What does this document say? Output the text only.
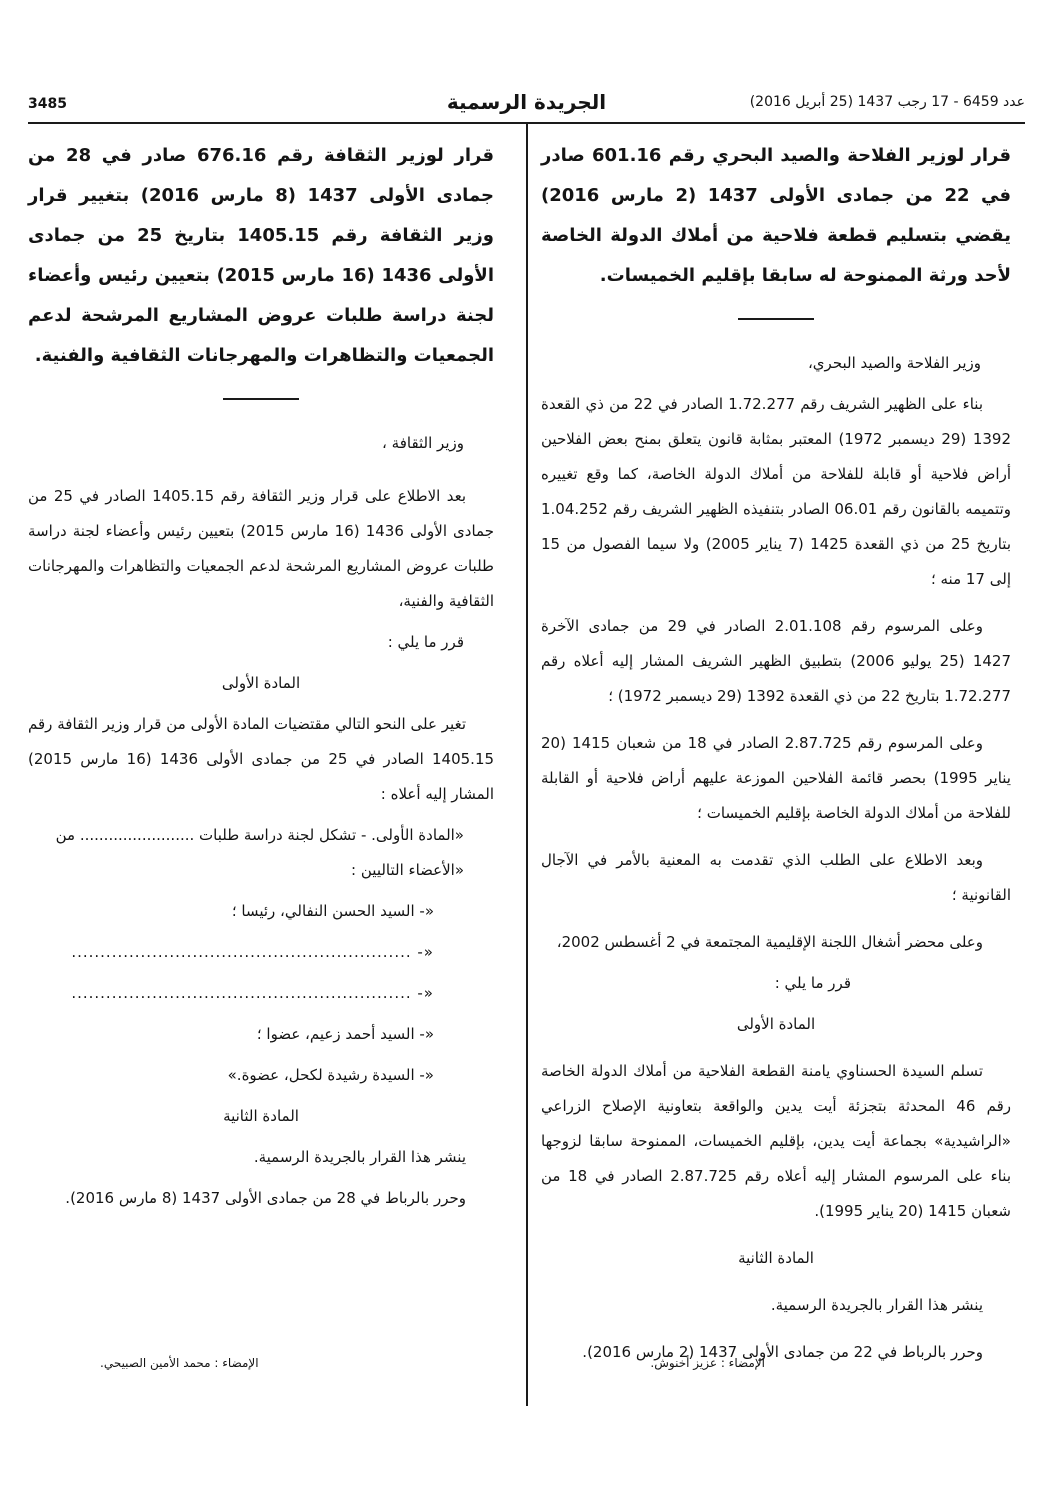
عدد 6459 - 17 رجب 1437 (25 أبريل 2016)
الجريدة الرسمية
3485

قرار لوزير الفلاحة والصيد البحري رقم 601.16 صادر في 22 من جمادى الأولى 1437 (2 مارس 2016) يقضي بتسليم قطعة فلاحية من أملاك الدولة الخاصة لأحد ورثة الممنوحة له سابقا بإقليم الخميسات.

وزير الفلاحة والصيد البحري،

بناء على الظهير الشريف رقم 1.72.277 الصادر في 22 من ذي القعدة 1392 (29 ديسمبر 1972) المعتبر بمثابة قانون يتعلق بمنح بعض الفلاحين أراض فلاحية أو قابلة للفلاحة من أملاك الدولة الخاصة، كما وقع تغييره وتتميمه بالقانون رقم 06.01 الصادر بتنفيذه الظهير الشريف رقم 1.04.252 بتاريخ 25 من ذي القعدة 1425 (7 يناير 2005) ولا سيما الفصول من 15 إلى 17 منه ؛

وعلى المرسوم رقم 2.01.108 الصادر في 29 من جمادى الآخرة 1427 (25 يوليو 2006) بتطبيق الظهير الشريف المشار إليه أعلاه رقم 1.72.277 بتاريخ 22 من ذي القعدة 1392 (29 ديسمبر 1972) ؛

وعلى المرسوم رقم 2.87.725 الصادر في 18 من شعبان 1415 (20 يناير 1995) بحصر قائمة الفلاحين الموزعة عليهم أراض فلاحية أو القابلة للفلاحة من أملاك الدولة الخاصة بإقليم الخميسات ؛

وبعد الاطلاع على الطلب الذي تقدمت به المعنية بالأمر في الآجال القانونية ؛

وعلى محضر أشغال اللجنة الإقليمية المجتمعة في 2 أغسطس 2002،

قرر ما يلي :

المادة الأولى

تسلم السيدة الحسناوي يامنة القطعة الفلاحية من أملاك الدولة الخاصة رقم 46 المحدثة بتجزئة أيت يدين والواقعة بتعاونية الإصلاح الزراعي «الراشيدية» بجماعة أيت يدين، بإقليم الخميسات، الممنوحة سابقا لزوجها بناء على المرسوم المشار إليه أعلاه رقم 2.87.725 الصادر في 18 من شعبان 1415 (20 يناير 1995).

المادة الثانية

ينشر هذا القرار بالجريدة الرسمية.

وحرر بالرباط في 22 من جمادى الأولى 1437 (2 مارس 2016).

الإمضاء : عزيز أخنوش.

قرار لوزير الثقافة رقم 676.16 صادر في 28 من جمادى الأولى 1437 (8 مارس 2016) بتغيير قرار وزير الثقافة رقم 1405.15 بتاريخ 25 من جمادى الأولى 1436 (16 مارس 2015) بتعيين رئيس وأعضاء لجنة دراسة طلبات عروض المشاريع المرشحة لدعم الجمعيات والتظاهرات والمهرجانات الثقافية والفنية.

وزير الثقافة ،

بعد الاطلاع على قرار وزير الثقافة رقم 1405.15 الصادر في 25 من جمادى الأولى 1436 (16 مارس 2015) بتعيين رئيس وأعضاء لجنة دراسة طلبات عروض المشاريع المرشحة لدعم الجمعيات والتظاهرات والمهرجانات الثقافية والفنية،

قرر ما يلي :

المادة الأولى

تغير على النحو التالي مقتضيات المادة الأولى من قرار وزير الثقافة رقم 1405.15 الصادر في 25 من جمادى الأولى 1436 (16 مارس 2015) المشار إليه أعلاه :

«المادة الأولى. - تشكل لجنة دراسة طلبات ........................ من

«الأعضاء التاليين :

«- السيد الحسن النفالي، رئيسا ؛

«- ...........................................................

«- ...........................................................

«- السيد أحمد زعيم، عضوا ؛

«- السيدة رشيدة لكحل، عضوة.»

المادة الثانية

ينشر هذا القرار بالجريدة الرسمية.

وحرر بالرباط في 28 من جمادى الأولى 1437 (8 مارس 2016).

الإمضاء : محمد الأمين الصبيحي.
